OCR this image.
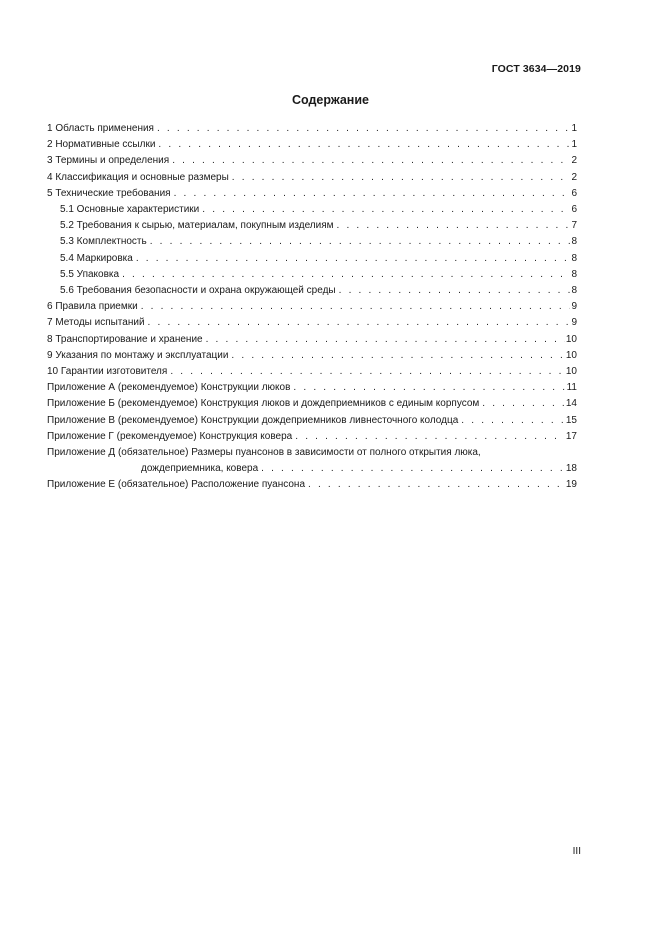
ГОСТ 3634—2019
Содержание
1 Область применения . . .	1
2 Нормативные ссылки . . .	1
3 Термины и определения . . .	2
4 Классификация и основные размеры . . .	2
5 Технические требования . . .	6
5.1 Основные характеристики . . .	6
5.2 Требования к сырью, материалам, покупным изделиям . . .	7
5.3 Комплектность . . .	8
5.4 Маркировка . . .	8
5.5 Упаковка . . .	8
5.6 Требования безопасности и охрана окружающей среды . . .	8
6 Правила приемки . . .	9
7 Методы испытаний . . .	9
8 Транспортирование и хранение . . .	10
9 Указания по монтажу и эксплуатации . . .	10
10 Гарантии изготовителя . . .	10
Приложение А (рекомендуемое) Конструкции люков . . .	11
Приложение Б (рекомендуемое) Конструкция люков и дождеприемников с единым корпусом . . .	14
Приложение В (рекомендуемое) Конструкции дождеприемников ливнесточного колодца . . .	15
Приложение Г (рекомендуемое) Конструкция ковера . . .	17
Приложение Д (обязательное) Размеры пуансонов в зависимости от полного открытия люка,
дождеприемника, ковера . . .	18
Приложение Е (обязательное) Расположение пуансона . . .	19
III
